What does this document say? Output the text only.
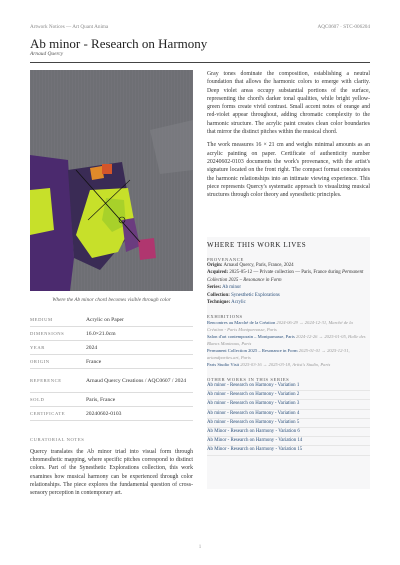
Artwork Notices — Art Quant Anima	AQC0607 · STC-006204
Ab minor - Research on Harmony
Arnaud Quercy
Where the Ab minor chord becomes visible through color
MEDIUM	Acrylic on Paper
DIMENSIONS	16.0×21.0cm
YEAR	2024
ORIGIN	France
REFERENCE	Arnaud Quercy Creations / AQC0607 / 2024
SOLD	Paris, France
CERTIFICATE	20240602-0103
CURATORIAL NOTES
Quercy translates the Ab minor triad into visual form through chromesthetic mapping, where specific pitches correspond to distinct colors. Part of the Synesthetic Explorations collection, this work examines how musical harmony can be experienced through color relationships. The piece explores the fundamental question of cross-sensory perception in contemporary art.

Gray tones dominate the composition, establishing a neutral foundation that allows the harmonic colors to emerge with clarity. Deep violet areas occupy substantial portions of the surface, representing the chord's darker tonal qualities, while bright yellow-green forms create vivid contrast. Small accent notes of orange and red-violet appear throughout, adding chromatic complexity to the harmonic structure. The acrylic paint creates clean color boundaries that mirror the distinct pitches within the musical chord.

The work measures 16 × 21 cm and weighs minimal amounts as an acrylic painting on paper. Certificate of authenticity number 20240602-0103 documents the work's provenance, with the artist's signature located on the front right. The compact format concentrates the harmonic relationships into an intimate viewing experience. This piece represents Quercy's systematic approach to visualizing musical structures through color theory and synesthetic principles.

WHERE THIS WORK LIVES
PROVENANCE
Origin: Arnaud Quercy, Paris, France, 2024
Acquired: 2025-05-12 — Private collection — Paris, France during Permanent Collection 2025 – Resonance in Form
Series: Ab minor
Collection: Synesthetic Explorations
Technique: Acrylic
EXHIBITIONS
Rencontres au Marché de la Création 2024-06-29 → 2024-12-31, Marché de la Création - Paris Montparnasse, Paris
Salon d'art contemporain – Montparnasse, Paris 2024-12-26 → 2025-01-05, Halle des Blancs Manteaux, Paris
Permanent Collection 2025 – Resonance in Form 2025-01-01 → 2025-12-31, artandparties.art, Paris
Paris Studio Visit 2025-03-16 → 2025-03-18, Artist's Studio, Paris
OTHER WORKS IN THIS SERIES
Ab minor - Research on Harmony - Variation 1
Ab minor - Research on Harmony - Variation 2
Ab minor - Research on Harmony - Variation 3
Ab minor - Research on Harmony - Variation 4
Ab minor - Research on Harmony - Variation 5
Ab Minor - Research on Harmony - Variation 6
Ab Minor - Research on Harmony - Variation 14
Ab Minor - Research on Harmony - Variation 15
1
